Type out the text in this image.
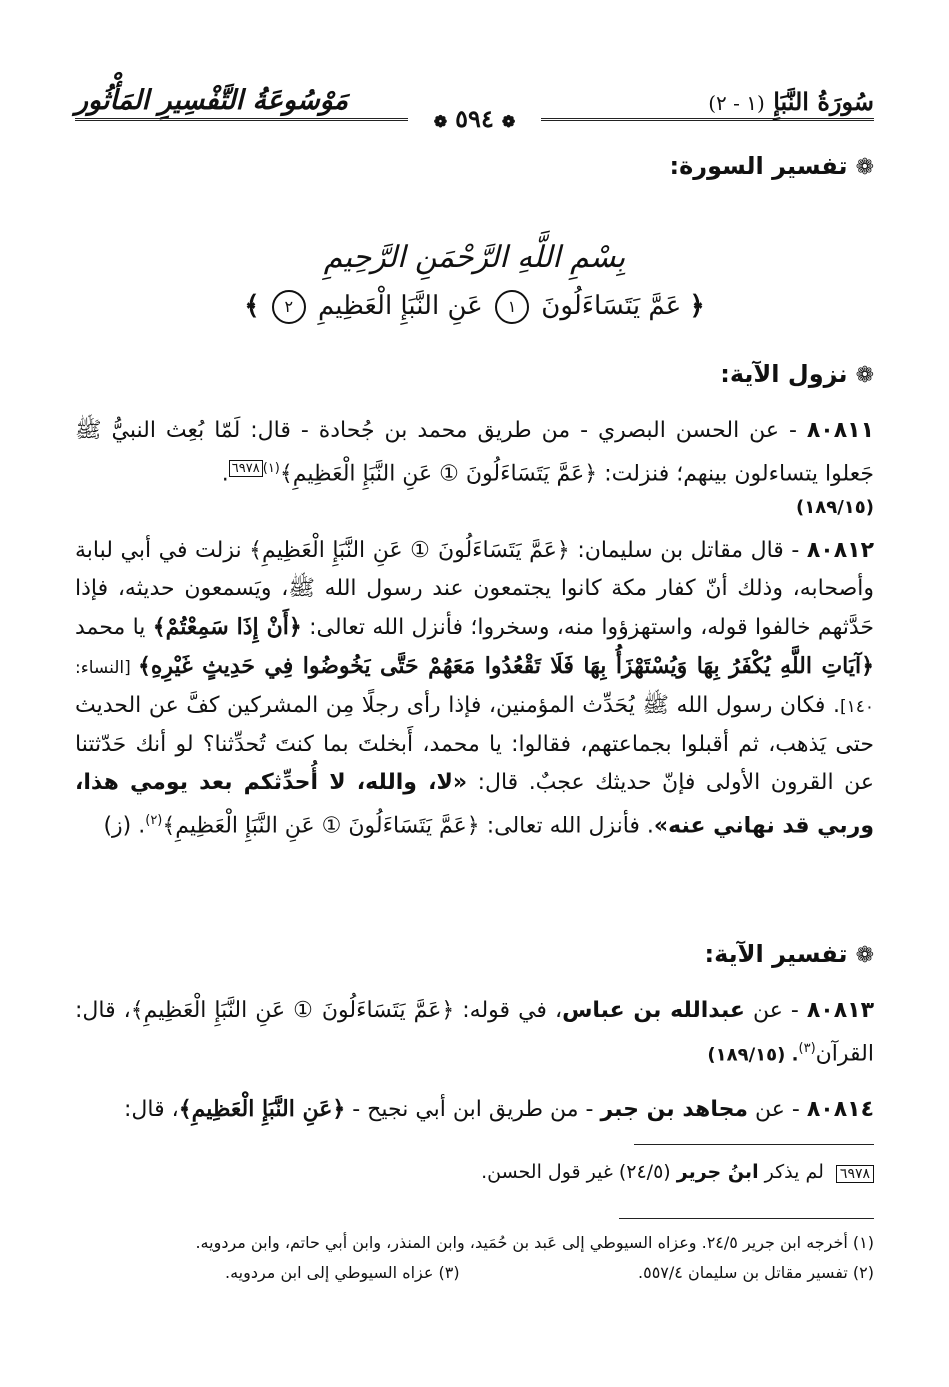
سُورَةُ النَّبَإِ (١ - ٢)
مَوْسُوعَةُ التَّفْسِيرِ المَأْثُور
❁٥٩٤❁
❁تفسير السورة:
بِسْمِ اللَّهِ الرَّحْمَنِ الرَّحِيمِ
﴿ عَمَّ يَتَسَاءَلُونَ ١ عَنِ النَّبَإِ الْعَظِيمِ ٢ ﴾
❁نزول الآية:
٨٠٨١١ - عن الحسن البصري - من طريق محمد بن جُحادة - قال: لَمّا بُعِث النبيُّ ﷺ جَعلوا يتساءلون بينهم؛ فنزلت: ﴿عَمَّ يَتَسَاءَلُونَ ① عَنِ النَّبَإِ الْعَظِيمِ﴾$^{(١)٦٩٧٨}$.
(١٨٩/١٥)
٨٠٨١٢ - قال مقاتل بن سليمان: ﴿عَمَّ يَتَسَاءَلُونَ ① عَنِ النَّبَإِ الْعَظِيمِ﴾ نزلت في أبي لبابة وأصحابه، وذلك أنّ كفار مكة كانوا يجتمعون عند رسول الله ﷺ، ويَسمعون حديثه، فإذا حَدَّثهم خالفوا قوله، واستهزؤوا منه، وسخروا؛ فأنزل الله تعالى: ﴿أَنْ إِذَا سَمِعْتُمْ﴾ يا محمد ﴿آيَاتِ اللَّهِ يُكْفَرُ بِهَا وَيُسْتَهْزَأُ بِهَا فَلَا تَقْعُدُوا مَعَهُمْ حَتَّى يَخُوضُوا فِي حَدِيثٍ غَيْرِهِ﴾ [النساء: ١٤٠]. فكان رسول الله ﷺ يُحَدِّث المؤمنين، فإذا رأى رجلًا مِن المشركين كفَّ عن الحديث حتى يَذهب، ثم أقبلوا بجماعتهم، فقالوا: يا محمد، أَبخلتَ بما كنتَ تُحدِّثنا؟ لو أنك حَدّثتنا عن القرون الأولى فإنّ حديثك عجبٌ. قال: «لا، والله، لا أُحدِّثكم بعد يومي هذا، وربي قد نهاني عنه». فأنزل الله تعالى: ﴿عَمَّ يَتَسَاءَلُونَ ① عَنِ النَّبَإِ الْعَظِيمِ﴾$^{(٢)}$. (ز)
❁تفسير الآية:
٨٠٨١٣ - عن عبدالله بن عباس، في قوله: ﴿عَمَّ يَتَسَاءَلُونَ ① عَنِ النَّبَإِ الْعَظِيمِ﴾، قال: القرآن$^{(٣)}$. (١٨٩/١٥)
٨٠٨١٤ - عن مجاهد بن جبر - من طريق ابن أبي نجيح - ﴿عَنِ النَّبَإِ الْعَظِيمِ﴾، قال:
٦٩٧٨ لم يذكر ابنُ جرير (٢٤/٥) غير قول الحسن.
(١) أخرجه ابن جرير ٢٤/٥. وعزاه السيوطي إلى عَبد بن حُمَيد، وابن المنذر، وابن أبي حاتم، وابن مردويه.
(٢) تفسير مقاتل بن سليمان ٥٥٧/٤.
(٣) عزاه السيوطي إلى ابن مردويه.
